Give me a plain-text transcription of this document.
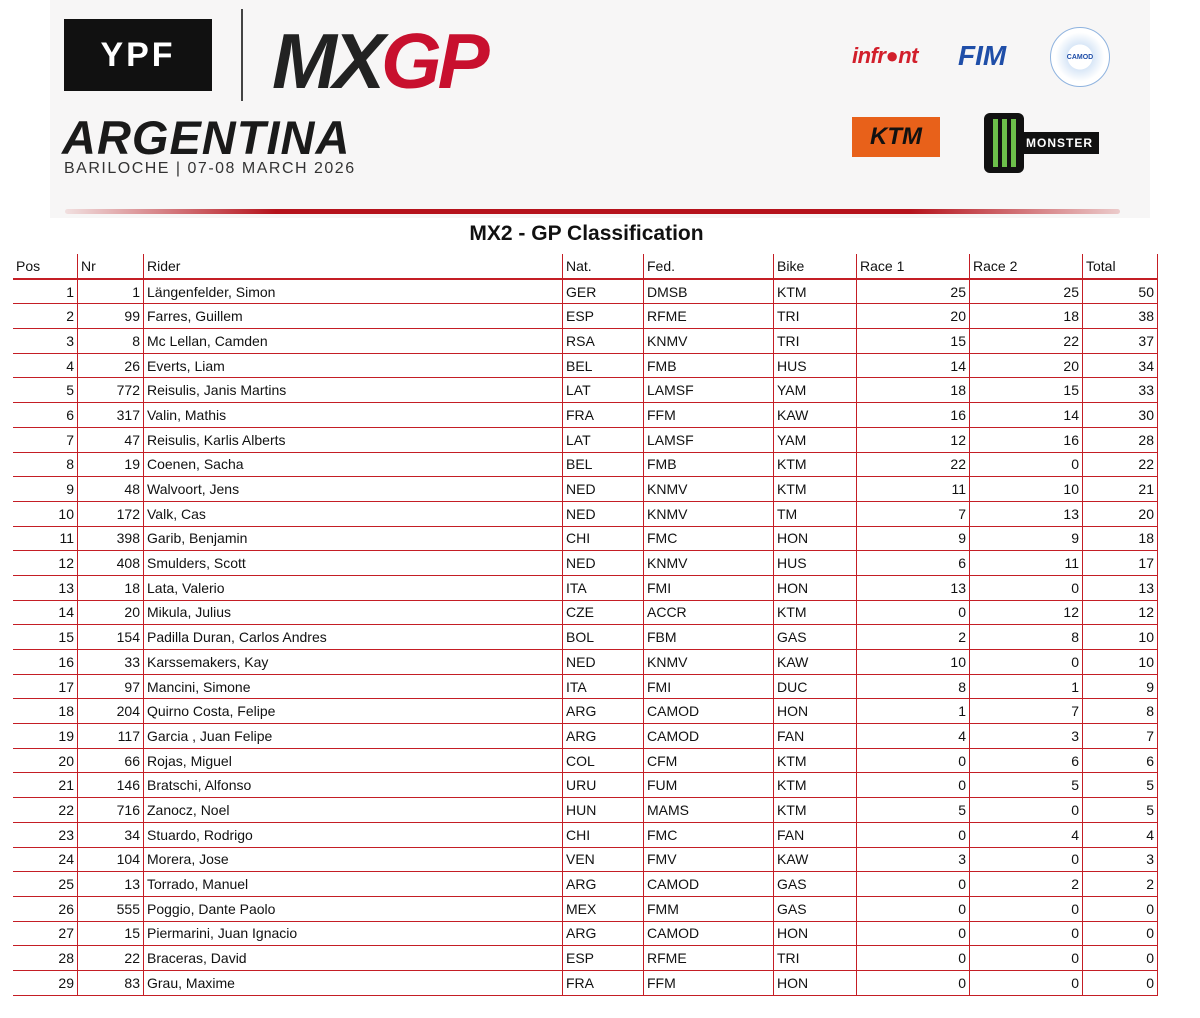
YPF	MXGP
ARGENTINA
BARILOCHE | 07-08 MARCH 2026
infr●nt FIM	CAMOD
KTM	MONSTER
MX2 - GP Classification
Pos	Nr	Rider	Nat.	Fed.	Bike	Race 1	Race 2	Total
1	1	Längenfelder, Simon	GER	DMSB	KTM	25	25	50
2	99	Farres, Guillem	ESP	RFME	TRI	20	18	38
3	8	Mc Lellan, Camden	RSA	KNMV	TRI	15	22	37
4	26	Everts, Liam	BEL	FMB	HUS	14	20	34
5	772	Reisulis, Janis Martins	LAT	LAMSF	YAM	18	15	33
6	317	Valin, Mathis	FRA	FFM	KAW	16	14	30
7	47	Reisulis, Karlis Alberts	LAT	LAMSF	YAM	12	16	28
8	19	Coenen, Sacha	BEL	FMB	KTM	22	0	22
9	48	Walvoort, Jens	NED	KNMV	KTM	11	10	21
10	172	Valk, Cas	NED	KNMV	TM	7	13	20
11	398	Garib, Benjamin	CHI	FMC	HON	9	9	18
12	408	Smulders, Scott	NED	KNMV	HUS	6	11	17
13	18	Lata, Valerio	ITA	FMI	HON	13	0	13
14	20	Mikula, Julius	CZE	ACCR	KTM	0	12	12
15	154	Padilla Duran, Carlos Andres	BOL	FBM	GAS	2	8	10
16	33	Karssemakers, Kay	NED	KNMV	KAW	10	0	10
17	97	Mancini, Simone	ITA	FMI	DUC	8	1	9
18	204	Quirno Costa, Felipe	ARG	CAMOD	HON	1	7	8
19	117	Garcia , Juan Felipe	ARG	CAMOD	FAN	4	3	7
20	66	Rojas, Miguel	COL	CFM	KTM	0	6	6
21	146	Bratschi, Alfonso	URU	FUM	KTM	0	5	5
22	716	Zanocz, Noel	HUN	MAMS	KTM	5	0	5
23	34	Stuardo, Rodrigo	CHI	FMC	FAN	0	4	4
24	104	Morera, Jose	VEN	FMV	KAW	3	0	3
25	13	Torrado, Manuel	ARG	CAMOD	GAS	0	2	2
26	555	Poggio, Dante Paolo	MEX	FMM	GAS	0	0	0
27	15	Piermarini, Juan Ignacio	ARG	CAMOD	HON	0	0	0
28	22	Braceras, David	ESP	RFME	TRI	0	0	0
29	83	Grau, Maxime	FRA	FFM	HON	0	0	0
